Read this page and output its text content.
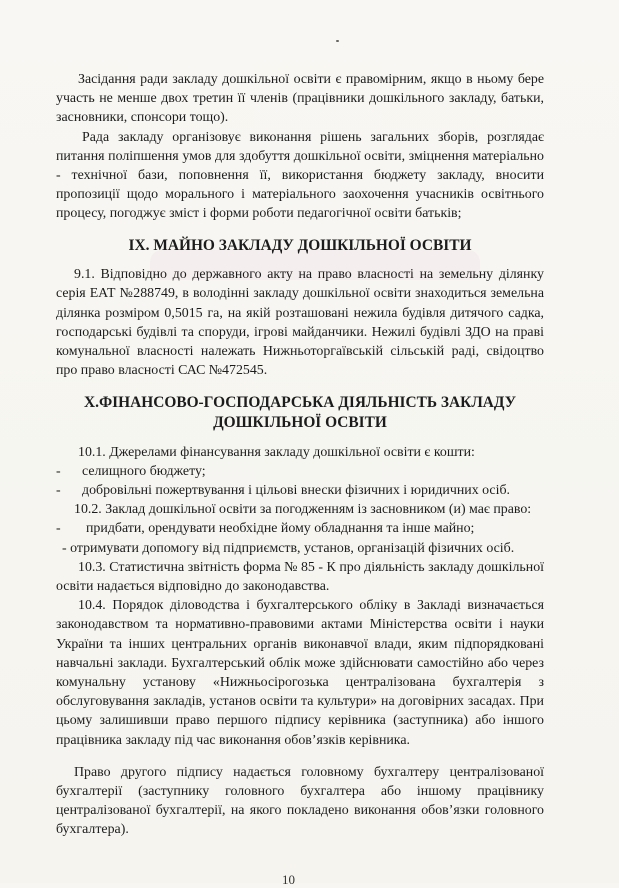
Засідання ради закладу дошкільної освіти є правомірним, якщо в ньому бере участь не менше двох третин її членів (працівники дошкільного закладу, батьки, засновники, спонсори тощо).

Рада закладу організовує виконання рішень загальних зборів, розглядає питання поліпшення умов для здобуття дошкільної освіти, зміцнення матеріально - технічної бази, поповнення її, використання бюджету закладу, вносити пропозиції щодо морального і матеріального заохочення учасників освітнього процесу, погоджує зміст і форми роботи педагогічної освіти батьків;

ІХ. МАЙНО ЗАКЛАДУ ДОШКІЛЬНОЇ ОСВІТИ

9.1. Відповідно до державного акту на право власності на земельну ділянку серія ЕАТ №288749, в володінні закладу дошкільної освіти знаходиться земельна ділянка розміром 0,5015 га, на якій розташовані нежила будівля дитячого садка, господарські будівлі та споруди, ігрові майданчики. Нежилі будівлі ЗДО на праві комунальної власності належать Нижньоторгаївській сільській раді, свідоцтво про право власності САС №472545.

Х.ФІНАНСОВО-ГОСПОДАРСЬКА ДІЯЛЬНІСТЬ ЗАКЛАДУ
ДОШКІЛЬНОЇ ОСВІТИ

10.1. Джерелами фінансування закладу дошкільної освіти є кошти:

-	селищного бюджету;
-	добровільні пожертвування і цільові внески фізичних і юридичних осіб.

10.2. Заклад дошкільної освіти за погодженням із засновником (и) має право:

-	придбати, орендувати необхідне йому обладнання та інше майно;

- отримувати допомогу від підприємств, установ, організацій фізичних осіб.

10.3. Статистична звітність форма № 85 - К про діяльність закладу дошкільної освіти надається відповідно до законодавства.

10.4. Порядок діловодства і бухгалтерського обліку в Закладі визначається законодавством та нормативно-правовими актами Міністерства освіти і науки України та інших центральних органів виконавчої влади, яким підпорядковані навчальні заклади. Бухгалтерський облік може здійснювати самостійно або через комунальну установу «Нижньосірогозька централізована бухгалтерія з обслуговування закладів, установ освіти та культури» на договірних засадах. При цьому залишивши право першого підпису керівника (заступника) або іншого працівника закладу під час виконання обов’язків керівника.

Право другого підпису надається головному бухгалтеру централізованої бухгалтерії (заступнику головного бухгалтера або іншому працівнику централізованої бухгалтерії, на якого покладено виконання обов’язки головного бухгалтера).

10
